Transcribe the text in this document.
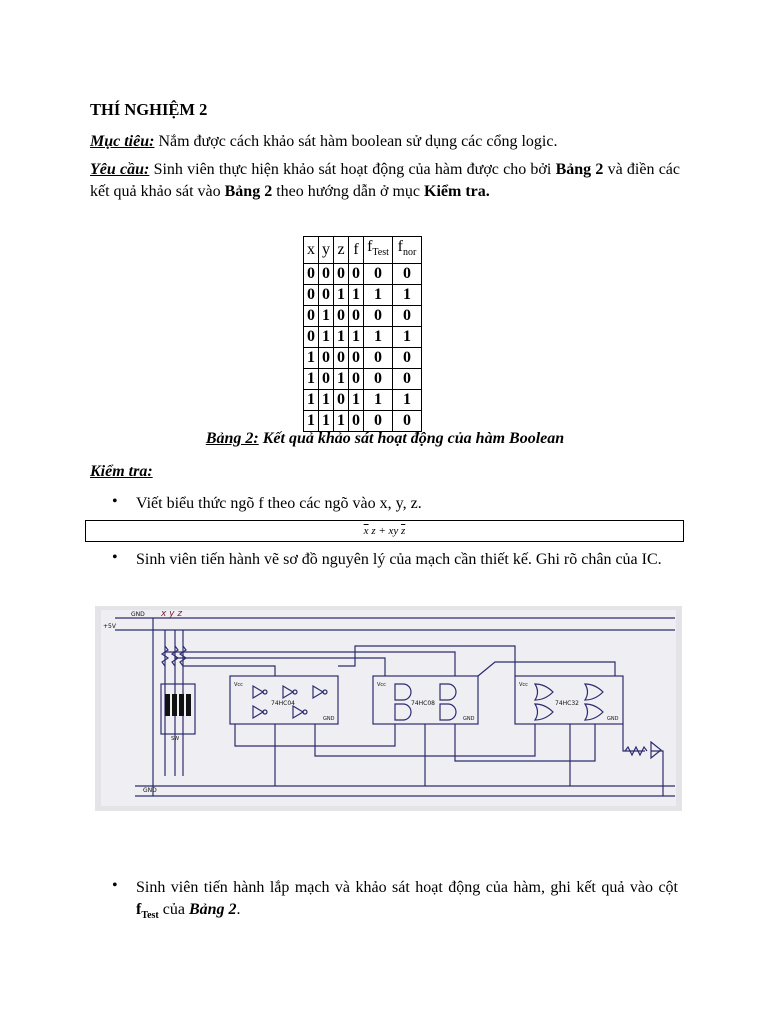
THÍ NGHIỆM 2
Mục tiêu: Nắm được cách khảo sát hàm boolean sử dụng các cổng logic.
Yêu cầu: Sinh viên thực hiện khảo sát hoạt động của hàm được cho bởi Bảng 2 và điền các kết quả khảo sát vào Bảng 2 theo hướng dẫn ở mục Kiểm tra.
x	y	z	f	$f_{Test}$	$f_{nor}$
0	0	0	0	0	0
0	0	1	1	1	1
0	1	0	0	0	0
0	1	1	1	1	1
1	0	0	0	0	0
1	0	1	0	0	0
1	1	0	1	1	1
1	1	1	0	0	0
Bảng 2: Kết quả khảo sát hoạt động của hàm Boolean
Kiểm tra:
• Viết biểu thức ngõ f theo các ngõ vào x, y, z.
$\overline{x}$ z + xy $\overline{z}$
• Sinh viên tiến hành vẽ sơ đồ nguyên lý của mạch cần thiết kế. Ghi rõ chân của IC.
+5V
GND
GND
x y z
SW
Vcc	Vcc	Vcc
GND	GND	GND
74HC04	74HC08	74HC32
• Sinh viên tiến hành lắp mạch và khảo sát hoạt động của hàm, ghi kết quả vào cột $f_{Test}$ của Bảng 2.
